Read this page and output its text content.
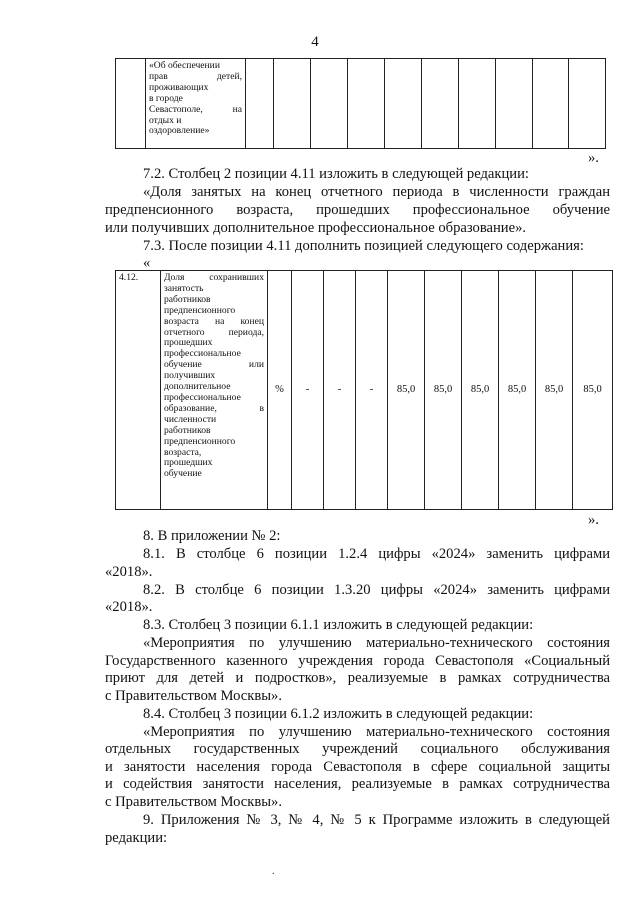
4

«Об обеспечении
прав детей,
проживающих
в городе
Севастополе, на
отдых и
оздоровление»

».
7.2. Столбец 2 позиции 4.11 изложить в следующей редакции:
«Доля занятых на конец отчетного периода в численности граждан
предпенсионного возраста, прошедших профессиональное обучение
или получивших дополнительное профессиональное образование».
7.3. После позиции 4.11 дополнить позицией следующего содержания:
«
4.12.	Доля сохранивших
занятость
работников
предпенсионного
возраста на конец
отчетного периода,
прошедших
профессиональное
обучение или
получивших
дополнительное
профессиональное
образование, в
численности
работников
предпенсионного
возраста,
прошедших
обучение
	%	-	-	-	85,0	85,0	85,0	85,0	85,0	85,0
».
8. В приложении № 2:
8.1. В столбце 6 позиции 1.2.4 цифры «2024» заменить цифрами
«2018».
8.2. В столбце 6 позиции 1.3.20 цифры «2024» заменить цифрами
«2018».
8.3. Столбец 3 позиции 6.1.1 изложить в следующей редакции:
«Мероприятия по улучшению материально-технического состояния
Государственного казенного учреждения города Севастополя «Социальный
приют для детей и подростков», реализуемые в рамках сотрудничества
с Правительством Москвы».
8.4. Столбец 3 позиции 6.1.2 изложить в следующей редакции:
«Мероприятия по улучшению материально-технического состояния
отдельных государственных учреждений социального обслуживания
и занятости населения города Севастополя в сфере социальной защиты
и содействия занятости населения, реализуемые в рамках сотрудничества
с Правительством Москвы».
9. Приложения № 3, № 4, № 5 к Программе изложить в следующей
редакции:
.
